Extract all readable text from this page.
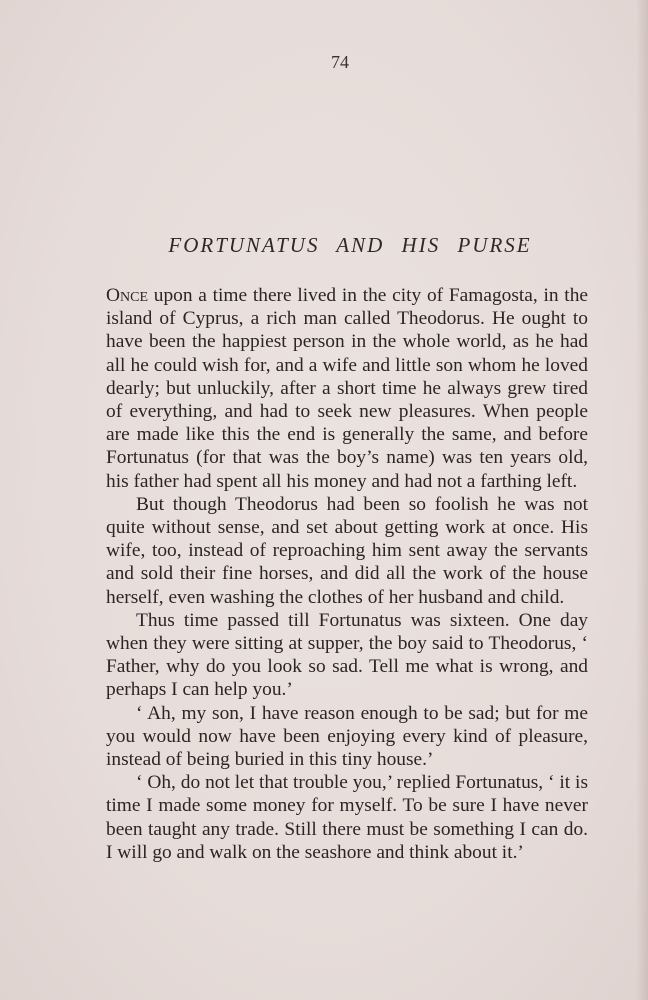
74
FORTUNATUS AND HIS PURSE

Once upon a time there lived in the city of Famagosta, in the island of Cyprus, a rich man called Theodorus. He ought to have been the happiest person in the whole world, as he had all he could wish for, and a wife and little son whom he loved dearly; but unluckily, after a short time he always grew tired of everything, and had to seek new pleasures. When people are made like this the end is generally the same, and before Fortunatus (for that was the boy’s name) was ten years old, his father had spent all his money and had not a farthing left.

But though Theodorus had been so foolish he was not quite without sense, and set about getting work at once. His wife, too, instead of reproaching him sent away the servants and sold their fine horses, and did all the work of the house herself, even washing the clothes of her husband and child.

Thus time passed till Fortunatus was sixteen. One day when they were sitting at supper, the boy said to Theodorus, ‘ Father, why do you look so sad. Tell me what is wrong, and perhaps I can help you.’

‘ Ah, my son, I have reason enough to be sad; but for me you would now have been enjoying every kind of pleasure, instead of being buried in this tiny house.’

‘ Oh, do not let that trouble you,’ replied Fortunatus, ‘ it is time I made some money for myself. To be sure I have never been taught any trade. Still there must be something I can do. I will go and walk on the seashore and think about it.’
